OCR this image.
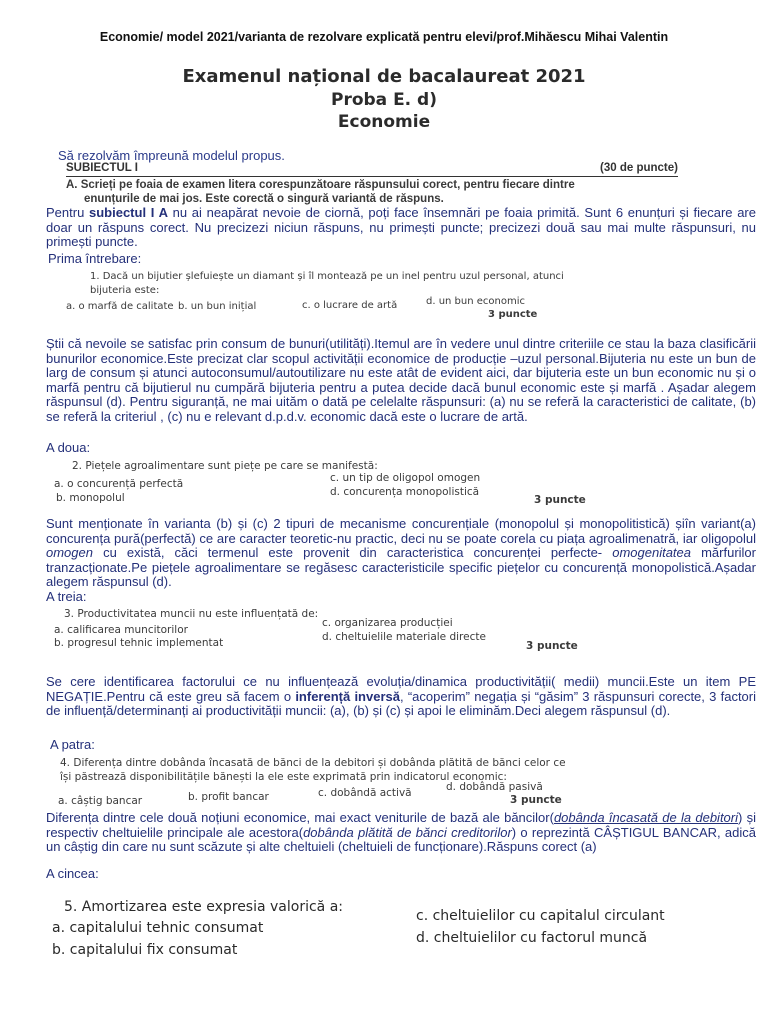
Economie/ model 2021/varianta de rezolvare explicată pentru elevi/prof.Mihăescu Mihai Valentin
Examenul național de bacalaureat 2021
Proba E. d)
Economie
Să rezolvăm împreună modelul propus.
SUBIECTUL I	(30 de puncte)
A. Scrieți pe foaia de examen litera corespunzătoare răspunsului corect, pentru fiecare dintre
enunțurile de mai jos. Este corectă o singură variantă de răspuns.
Pentru subiectul I A nu ai neapărat nevoie de ciornă, poți face însemnări pe foaia primită. Sunt 6 enunțuri și fiecare are doar un răspuns corect. Nu precizezi niciun răspuns, nu primești puncte; precizezi două sau mai multe răspunsuri, nu primești puncte.
Prima întrebare:
1. Dacă un bijutier șlefuiește un diamant și îl montează pe un inel pentru uzul personal, atunci
bijuteria este:
a. o marfă de calitate b. un bun inițial	c. o lucrare de artă	d. un bun economic
3 puncte
Știi că nevoile se satisfac prin consum de bunuri(utilități).Itemul are în vedere unul dintre criteriile ce stau la baza clasificării bunurilor economice.Este precizat clar scopul activității economice de producție –uzul personal.Bijuteria nu este un bun de larg de consum și atunci autoconsumul/autoutilizare nu este atât de evident aici, dar bijuteria este un bun economic nu și o marfă pentru că bijutierul nu cumpără bijuteria pentru a putea decide dacă bunul economic este și marfă . Așadar alegem răspunsul (d). Pentru siguranță, ne mai uităm o dată pe celelalte răspunsuri: (a) nu se referă la caracteristici de calitate, (b) se referă la criteriul , (c) nu e relevant d.p.d.v. economic dacă este o lucrare de artă.
A doua:
2. Piețele agroalimentare sunt piețe pe care se manifestă:
a. o concurență perfectă
b. monopolul
c. un tip de oligopol omogen
d. concurența monopolistică
3 puncte
Sunt menționate în varianta (b) și (c) 2 tipuri de mecanisme concurențiale (monopolul și monopolitistică) șiîn variant(a) concurența pură(perfectă) ce are caracter teoretic-nu practic, deci nu se poate corela cu piața agroalimenatră, iar oligopolul omogen cu există, căci termenul este provenit din caracteristica concurenței perfecte- omogenitatea mărfurilor tranzacționate.Pe piețele agroalimentare se regăsesc caracteristicile specific piețelor cu concurență monopolistică.Așadar alegem răspunsul (d).
A treia:
3. Productivitatea muncii nu este influențată de:
a. calificarea muncitorilor
b. progresul tehnic implementat
c. organizarea producției
d. cheltuielile materiale directe
3 puncte
Se cere identificarea factorului ce nu influențează evoluția/dinamica productivității( medii) muncii.Este un item PE NEGAȚIE.Pentru că este greu să facem o inferență inversă, “acoperim” negația și “găsim” 3 răspunsuri corecte, 3 factori de influență/determinanți ai productivității muncii: (a), (b) și (c) și apoi le eliminăm.Deci alegem răspunsul (d).
A patra:
4. Diferența dintre dobânda încasată de bănci de la debitori și dobânda plătită de bănci celor ce
își păstrează disponibilitățile bănești la ele este exprimată prin indicatorul economic:
a. câștig bancar	b. profit bancar	c. dobândă activă	d. dobândă pasivă
3 puncte
Diferența dintre cele două noțiuni economice, mai exact veniturile de bază ale băncilor(dobânda încasată de la debitori) și respectiv cheltuielile principale ale acestora(dobânda plătită de bănci creditorilor) o reprezintă CÂȘTIGUL BANCAR, adică un câștig din care nu sunt scăzute și alte cheltuieli (cheltuieli de funcționare).Răspuns corect (a)
A cincea:
5. Amortizarea este expresia valorică a:
a. capitalului tehnic consumat
b. capitalului fix consumat
c. cheltuielilor cu capitalul circulant
d. cheltuielilor cu factorul muncă
